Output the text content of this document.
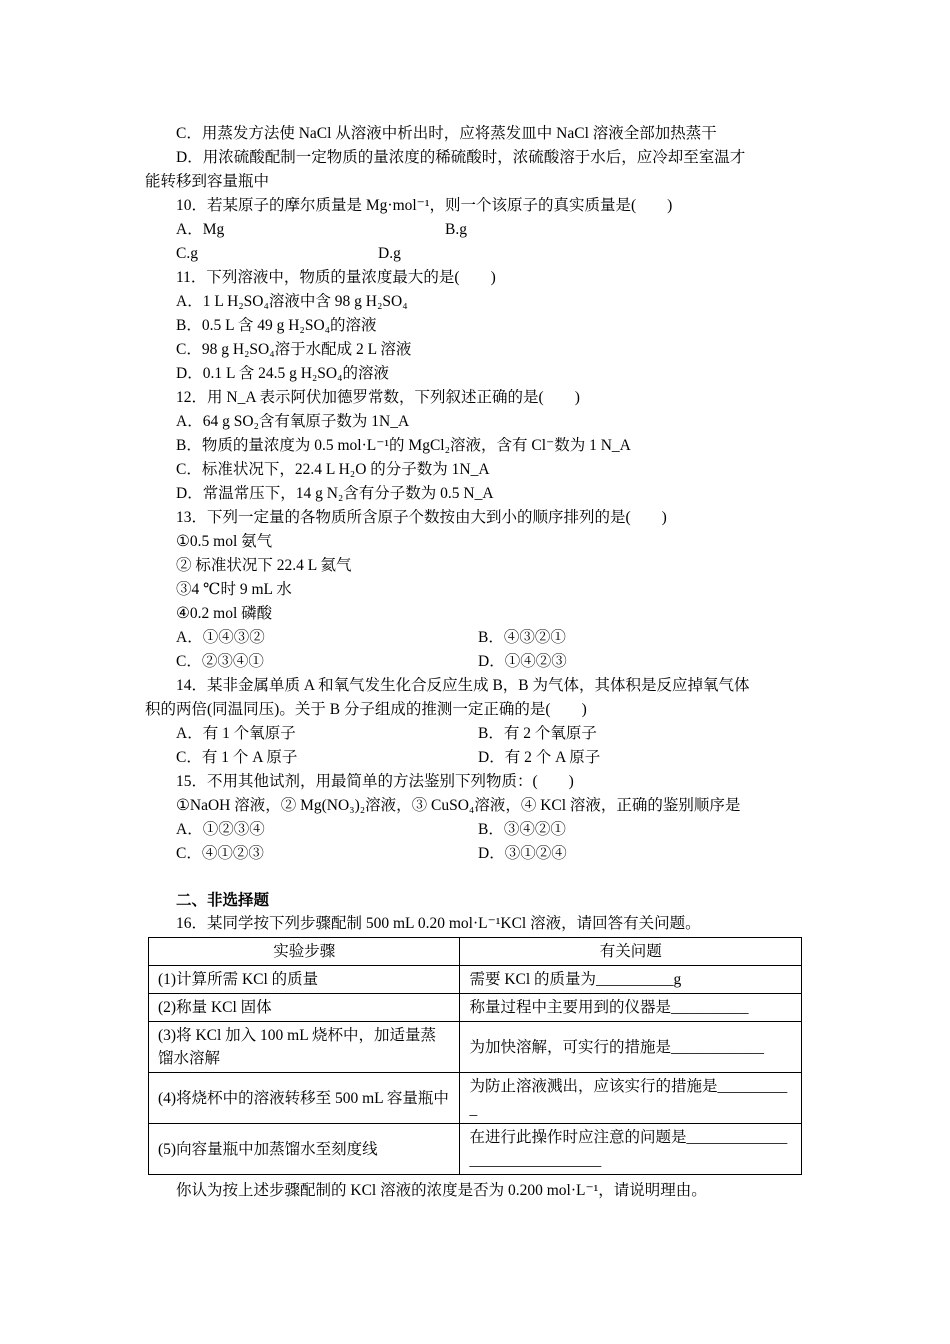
C．用蒸发方法使 NaCl 从溶液中析出时，应将蒸发皿中 NaCl 溶液全部加热蒸干
D．用浓硫酸配制一定物质的量浓度的稀硫酸时，浓硫酸溶于水后，应冷却至室温才
能转移到容量瓶中
10．若某原子的摩尔质量是 Mg·mol⁻¹，则一个该原子的真实质量是(　　)
A．Mg	B.g
C.g	D.g
11．下列溶液中，物质的量浓度最大的是(　　)
A．1 L H₂SO₄溶液中含 98 g H₂SO₄
B．0.5 L 含 49 g H₂SO₄的溶液
C．98 g H₂SO₄溶于水配成 2 L 溶液
D．0.1 L 含 24.5 g H₂SO₄的溶液
12．用 N_A 表示阿伏加德罗常数，下列叙述正确的是(　　)
A．64 g SO₂含有氧原子数为 1N_A
B．物质的量浓度为 0.5 mol·L⁻¹的 MgCl₂溶液，含有 Cl⁻数为 1 N_A
C．标准状况下，22.4 L H₂O 的分子数为 1N_A
D．常温常压下，14 g N₂含有分子数为 0.5 N_A
13．下列一定量的各物质所含原子个数按由大到小的顺序排列的是(　　)
①0.5 mol 氨气
② 标准状况下 22.4 L 氦气
③4 ℃时 9 mL 水
④0.2 mol 磷酸
A．①④③②	B．④③②①
C．②③④①	D．①④②③
14．某非金属单质 A 和氧气发生化合反应生成 B，B 为气体，其体积是反应掉氧气体
积的两倍(同温同压)。关于 B 分子组成的推测一定正确的是(　　)
A．有 1 个氧原子	B．有 2 个氧原子
C．有 1 个 A 原子	D．有 2 个 A 原子
15．不用其他试剂，用最简单的方法鉴别下列物质：(　　)
①NaOH 溶液，② Mg(NO₃)₂溶液，③ CuSO₄溶液，④ KCl 溶液，正确的鉴别顺序是
A．①②③④	B．③④②①
C．④①②③	D．③①②④
二、非选择题
16．某同学按下列步骤配制 500 mL 0.20 mol·L⁻¹KCl 溶液，请回答有关问题。
实验步骤	有关问题
(1)计算所需 KCl 的质量	需要 KCl 的质量为__________g
(2)称量 KCl 固体	称量过程中主要用到的仪器是__________
(3)将 KCl 加入 100 mL 烧杯中，加适量蒸馏水溶解	为加快溶解，可实行的措施是____________
(4)将烧杯中的溶液转移至 500 mL 容量瓶中	为防止溶液溅出，应该实行的措施是__________
(5)向容量瓶中加蒸馏水至刻度线	在进行此操作时应注意的问题是______________________________
你认为按上述步骤配制的 KCl 溶液的浓度是否为 0.200 mol·L⁻¹，请说明理由。
